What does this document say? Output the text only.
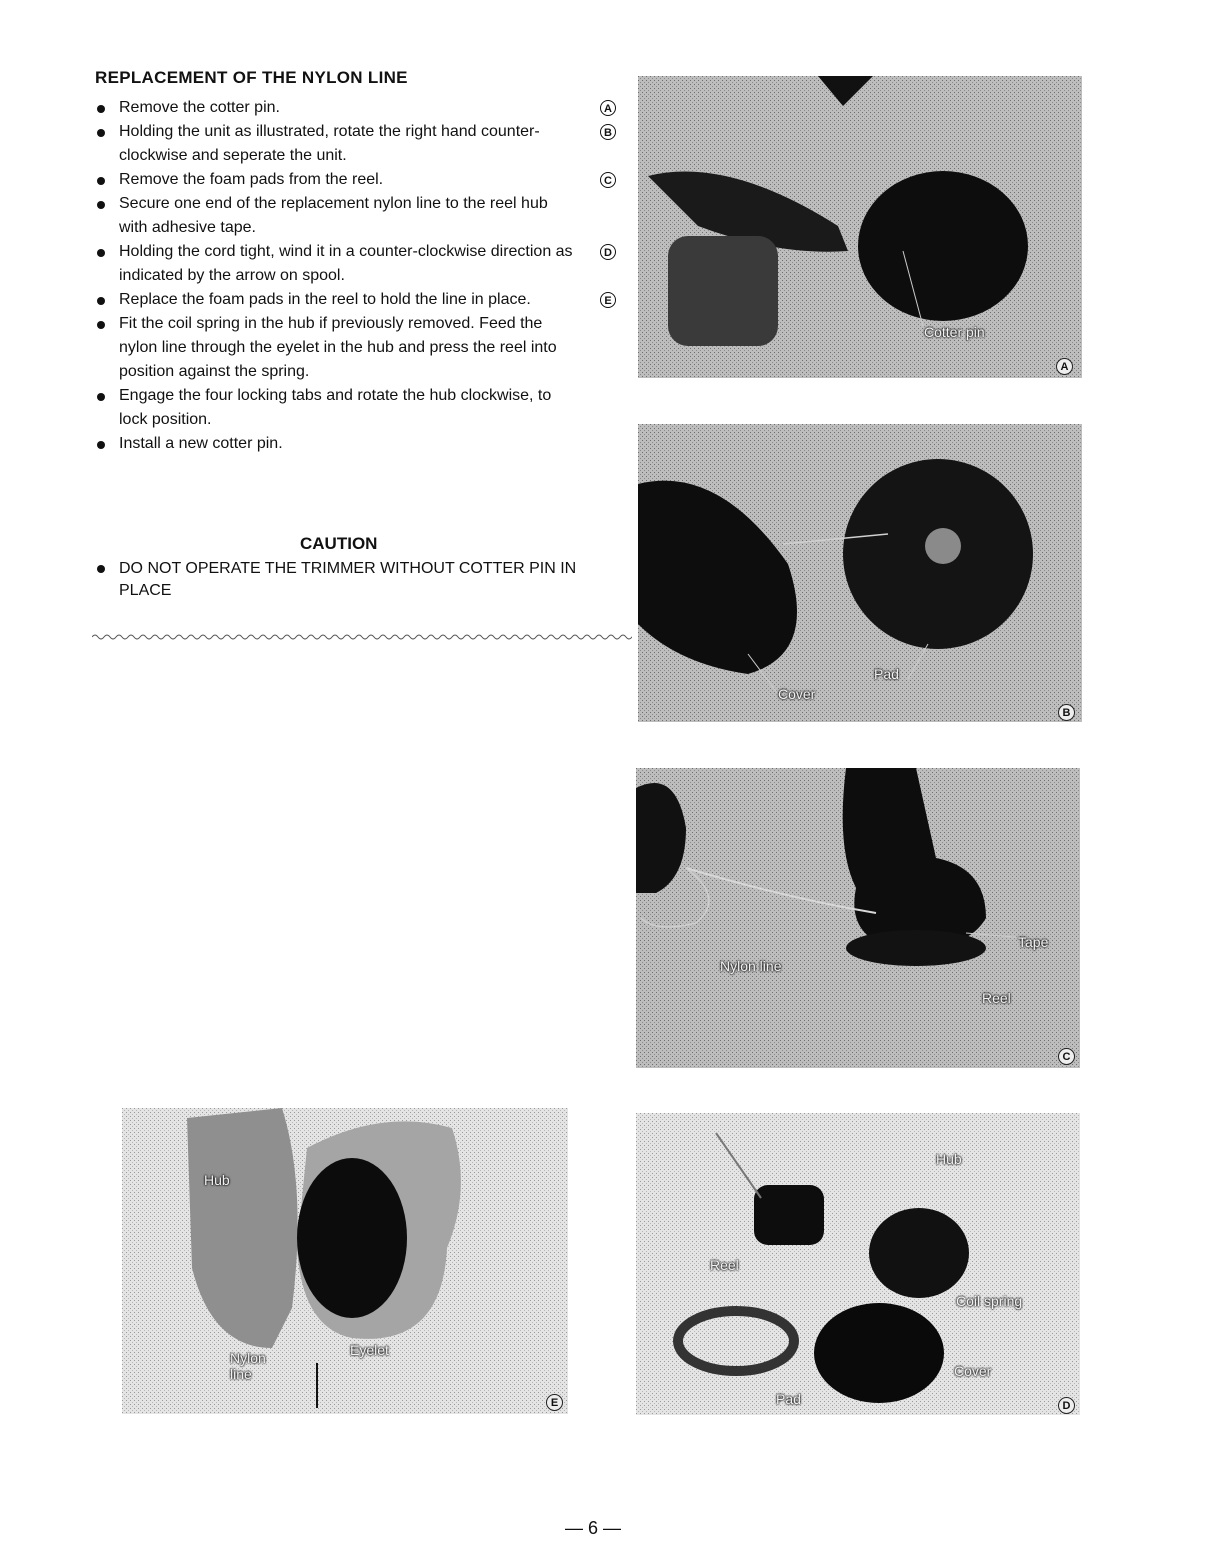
REPLACEMENT OF THE NYLON LINE
Remove the cotter pin.	A
Holding the unit as illustrated, rotate the right hand counter-clockwise and seperate the unit.
B
Remove the foam pads from the reel.	C
Secure one end of the replacement nylon line to the reel hub with adhesive tape.
Holding the cord tight, wind it in a counter-clockwise direction as indicated by the arrow on spool.
D
Replace the foam pads in the reel to hold the line in place.	E
Fit the coil spring in the hub if previously removed. Feed the nylon line through the eyelet in the hub and press the reel into position against the spring.
Engage the four locking tabs and rotate the hub clockwise, to lock position.
Install a new cotter pin.
CAUTION
DO NOT OPERATE THE TRIMMER WITHOUT COTTER PIN IN PLACE
Cotter pin
A
Pad
Cover
B
Tape
Nylon line
Reel
C
Hub
Reel
Coil spring
Cover
Pad	D
Hub
Nylon line
Eyelet
E
— 6 —
